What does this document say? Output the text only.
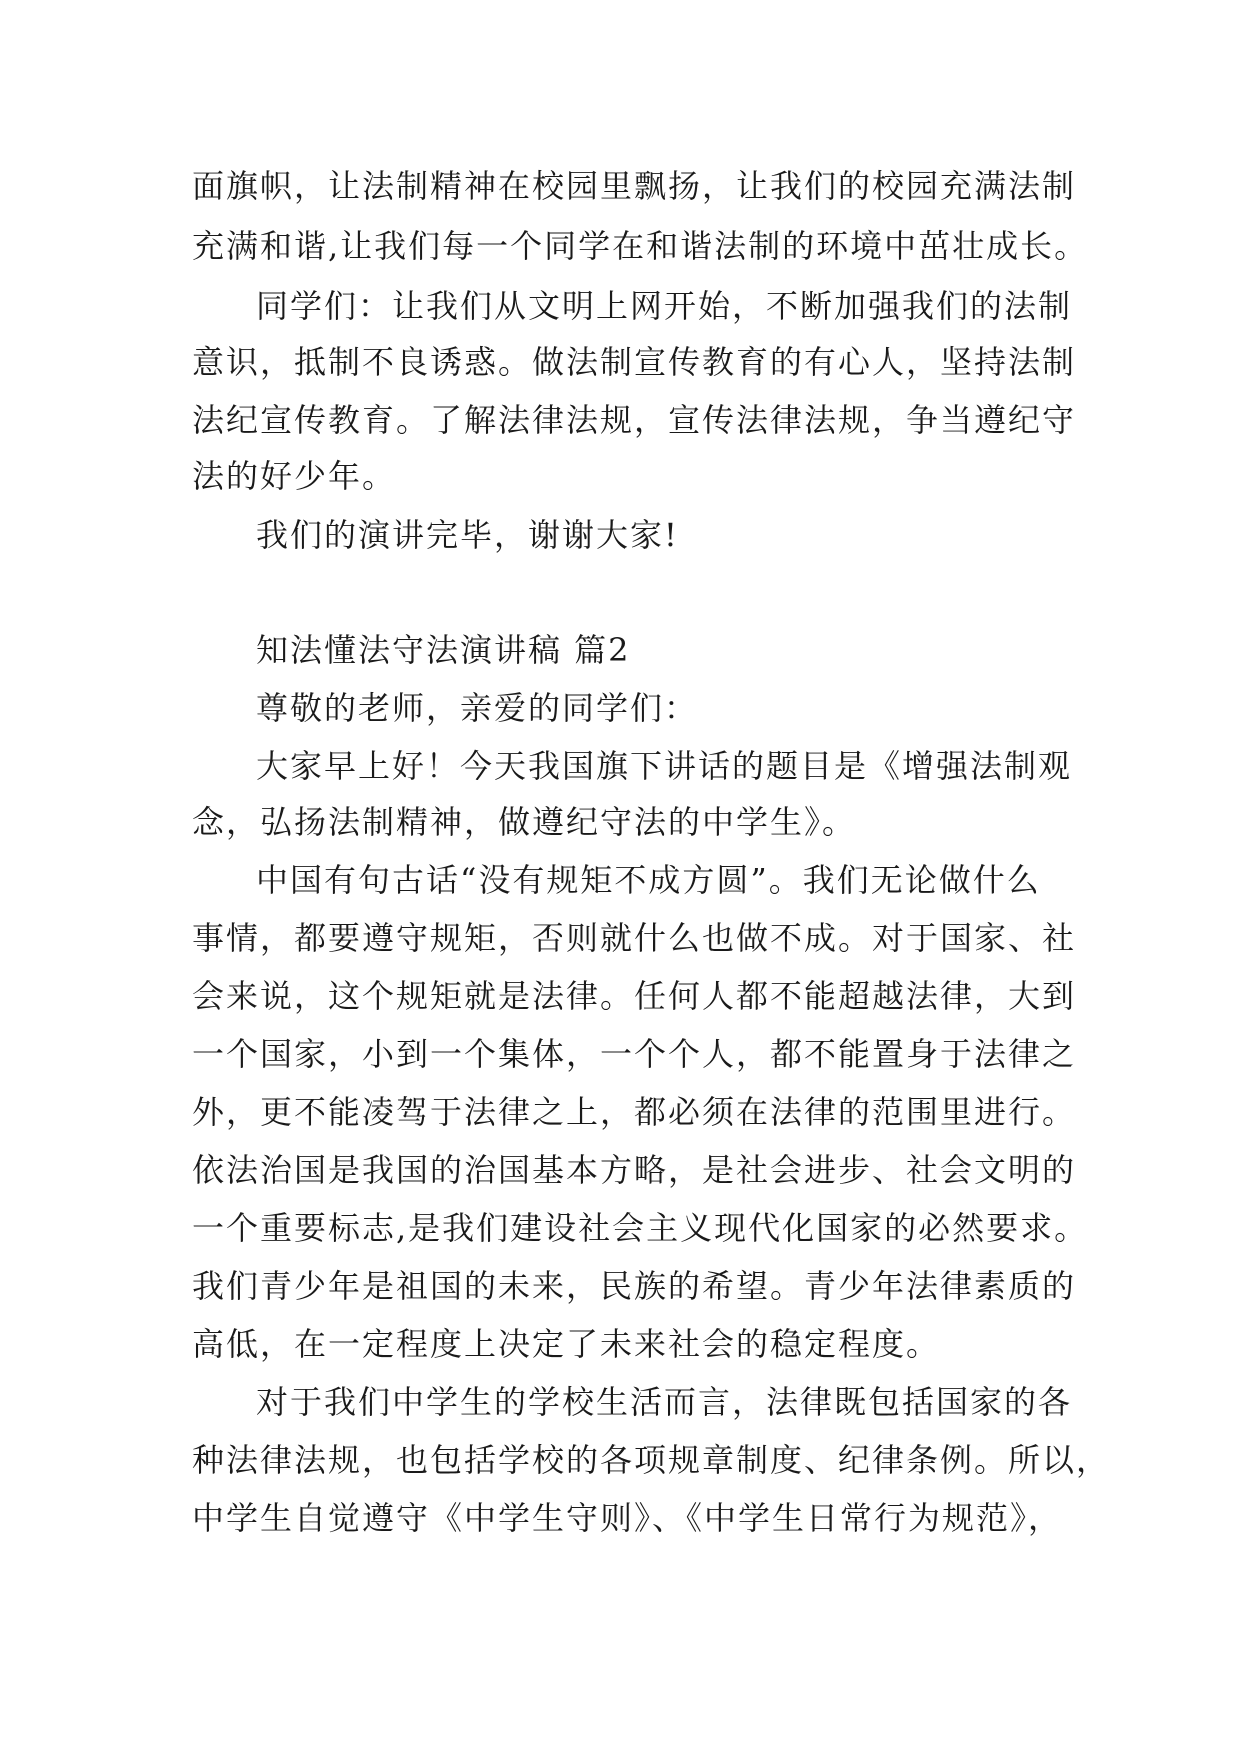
面旗帜，让法制精神在校园里飘扬，让我们的校园充满法制
充满和谐,让我们每一个同学在和谐法制的环境中茁壮成长。
同学们：让我们从文明上网开始，不断加强我们的法制
意识，抵制不良诱惑。做法制宣传教育的有心人，坚持法制
法纪宣传教育。了解法律法规，宣传法律法规，争当遵纪守
法的好少年。
我们的演讲完毕，谢谢大家!
知法懂法守法演讲稿 篇2
尊敬的老师，亲爱的同学们：
大家早上好！今天我国旗下讲话的题目是《增强法制观
念，弘扬法制精神，做遵纪守法的中学生》。
中国有句古话“没有规矩不成方圆”。我们无论做什么
事情，都要遵守规矩，否则就什么也做不成。对于国家、社
会来说，这个规矩就是法律。任何人都不能超越法律，大到
一个国家，小到一个集体，一个个人，都不能置身于法律之
外，更不能凌驾于法律之上，都必须在法律的范围里进行。
依法治国是我国的治国基本方略，是社会进步、社会文明的
一个重要标志,是我们建设社会主义现代化国家的必然要求。
我们青少年是祖国的未来，民族的希望。青少年法律素质的
高低，在一定程度上决定了未来社会的稳定程度。
对于我们中学生的学校生活而言，法律既包括国家的各
种法律法规，也包括学校的各项规章制度、纪律条例。所以，
中学生自觉遵守《中学生守则》、《中学生日常行为规范》，
